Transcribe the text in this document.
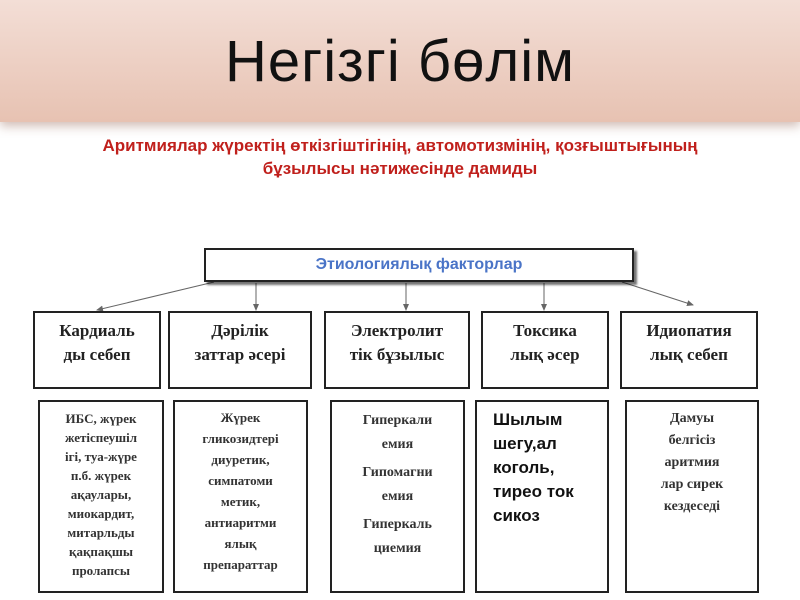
Негізгі бөлім
Аритмиялар жүректің өткізгіштігінің, автомотизмінің, қозғыштығының
бұзылысы нәтижесінде дамиды
Этиологиялық факторлар
Кардиаль
ды себеп
Дәрілік
заттар әсері
Электролит
тік бұзылыс
Токсика
лық әсер
Идиопатия
лық себеп
ИБС, жүрек
жетіспеушіл
ігі, туа-жүре
п.б. жүрек
ақаулары,
миокардит,
митарльды
қақпақшы
пролапсы
Жүрек
гликозидтері
диуретик,
симпатоми
метик,
антиаритми
ялық
препараттар
Гиперкали
емия
Гипомагни
емия
Гиперкаль
циемия
Шылым
шегу,ал
коголь,
тирео ток
сикоз
Дамуы
белгісіз
аритмия
лар сирек
кездеседі
